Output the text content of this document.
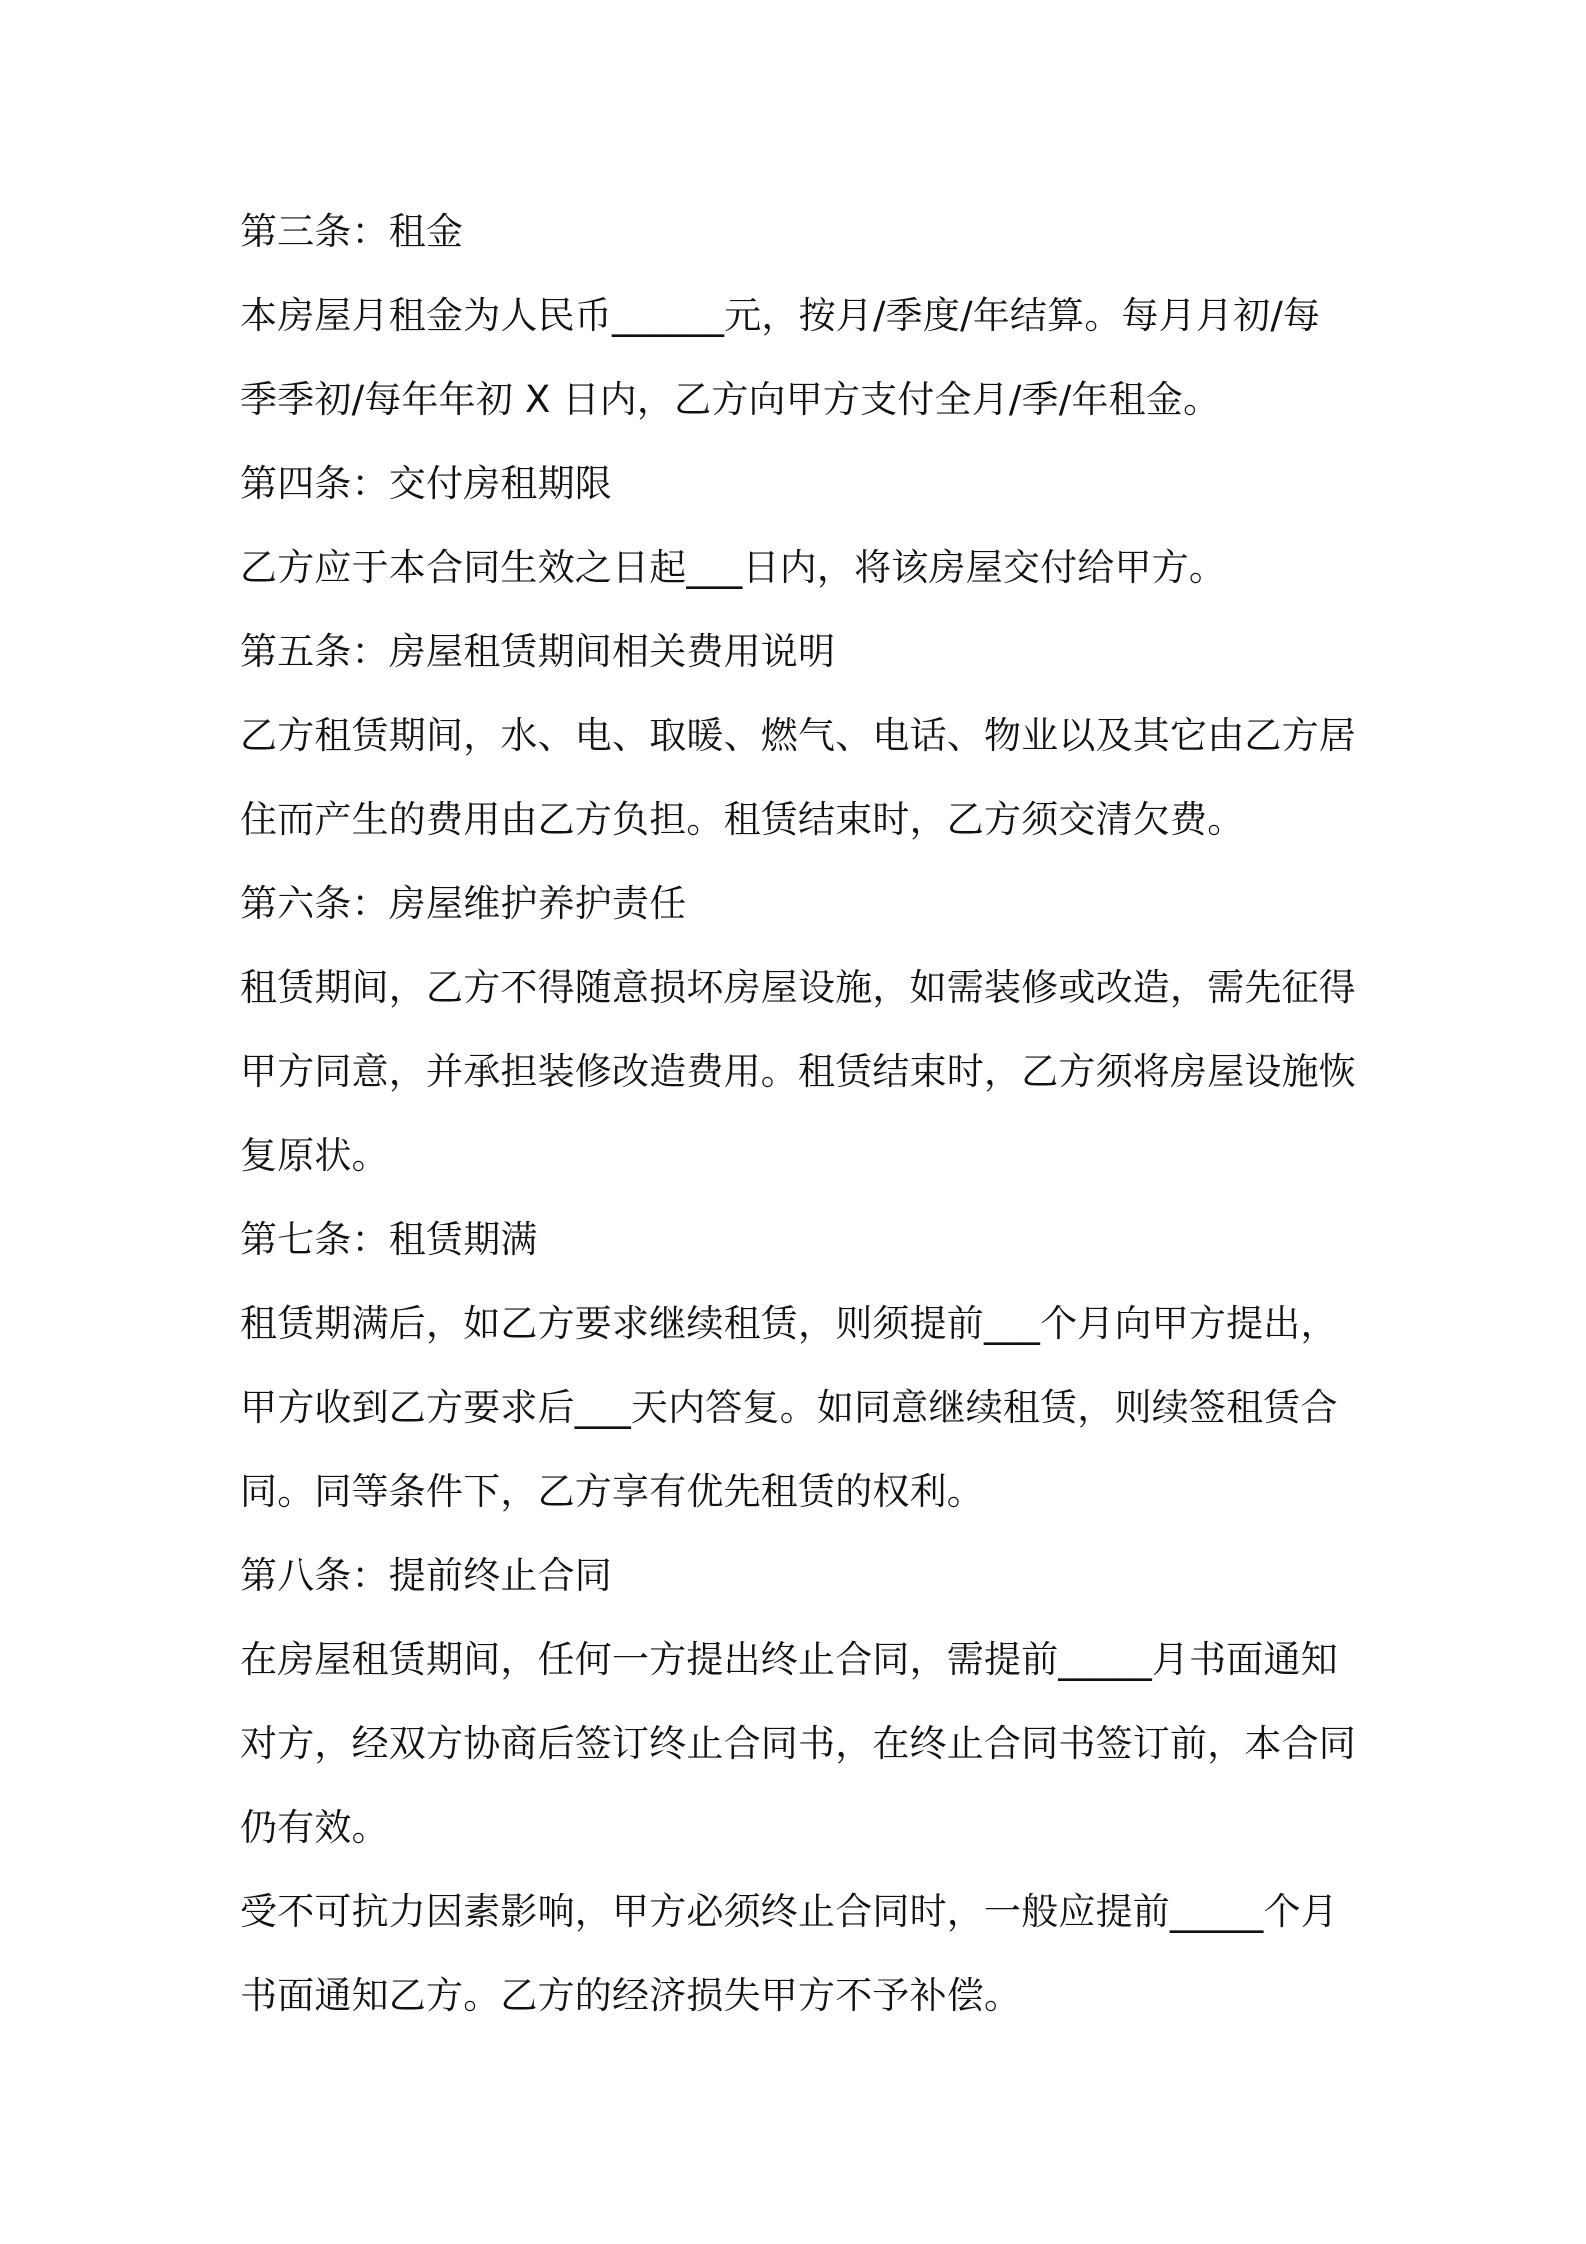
第三条：租金
本房屋月租金为人民币______元，按月/季度/年结算。每月月初/每
季季初/每年年初 X 日内，乙方向甲方支付全月/季/年租金。
第四条：交付房租期限
乙方应于本合同生效之日起___日内，将该房屋交付给甲方。
第五条：房屋租赁期间相关费用说明
乙方租赁期间，水、电、取暖、燃气、电话、物业以及其它由乙方居
住而产生的费用由乙方负担。租赁结束时，乙方须交清欠费。
第六条：房屋维护养护责任
租赁期间，乙方不得随意损坏房屋设施，如需装修或改造，需先征得
甲方同意，并承担装修改造费用。租赁结束时，乙方须将房屋设施恢
复原状。
第七条：租赁期满
租赁期满后，如乙方要求继续租赁，则须提前___个月向甲方提出，
甲方收到乙方要求后___天内答复。如同意继续租赁，则续签租赁合
同。同等条件下，乙方享有优先租赁的权利。
第八条：提前终止合同
在房屋租赁期间，任何一方提出终止合同，需提前_____月书面通知
对方，经双方协商后签订终止合同书，在终止合同书签订前，本合同
仍有效。
受不可抗力因素影响，甲方必须终止合同时，一般应提前_____个月
书面通知乙方。乙方的经济损失甲方不予补偿。
